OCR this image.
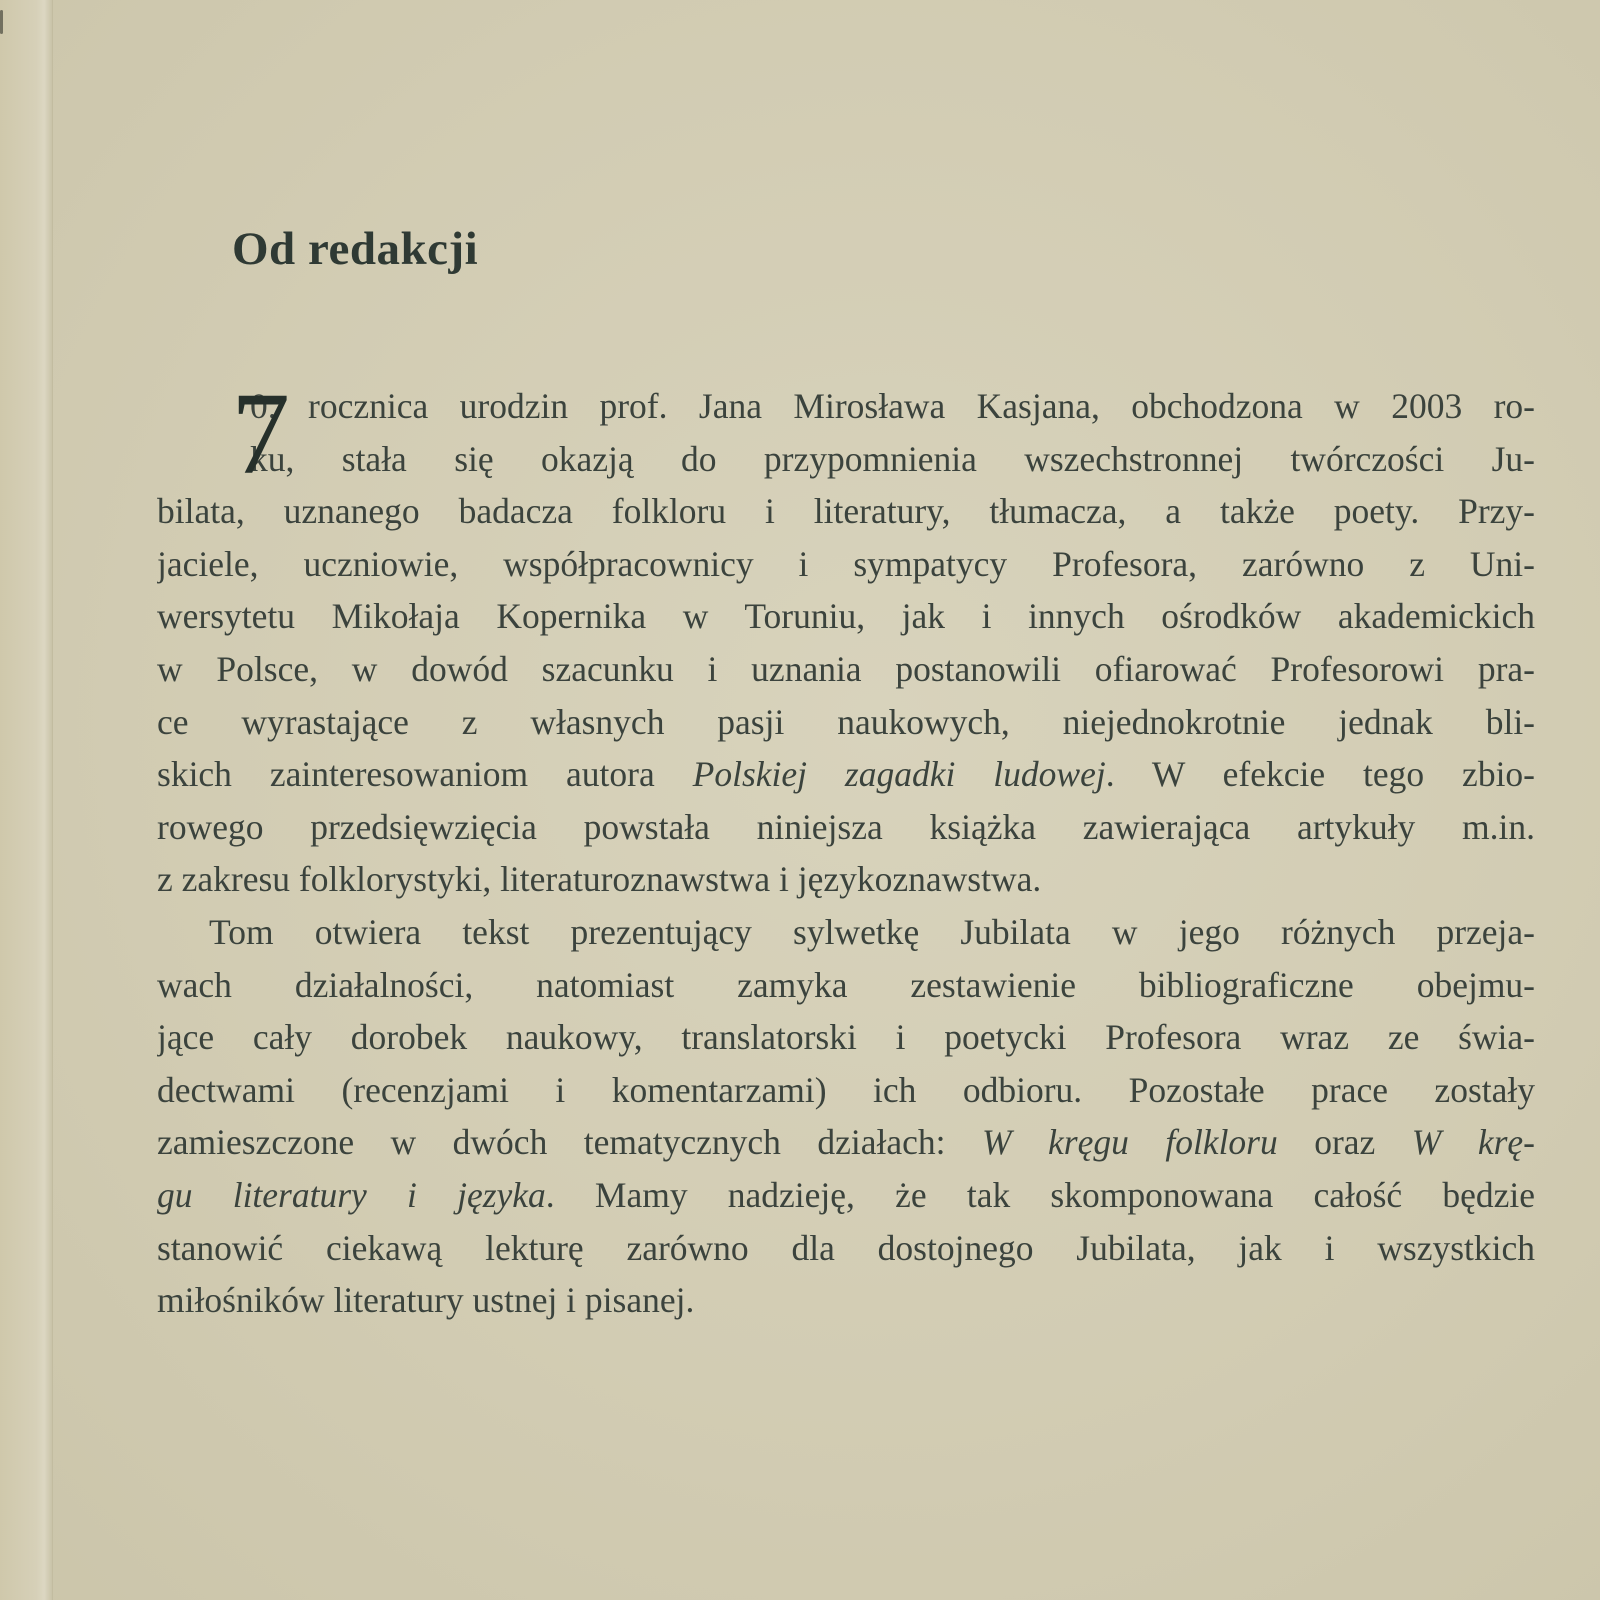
Od redakcji
7

0. rocznica urodzin prof. Jana Mirosława Kasjana, obchodzona w 2003 ro-
ku, stała się okazją do przypomnienia wszechstronnej twórczości Ju-
bilata, uznanego badacza folkloru i literatury, tłumacza, a także poety. Przy-
jaciele, uczniowie, współpracownicy i sympatycy Profesora, zarówno z Uni-
wersytetu Mikołaja Kopernika w Toruniu, jak i innych ośrodków akademickich
w Polsce, w dowód szacunku i uznania postanowili ofiarować Profesorowi pra-
ce wyrastające z własnych pasji naukowych, niejednokrotnie jednak bli-
skich zainteresowaniom autora Polskiej zagadki ludowej. W efekcie tego zbio-
rowego przedsięwzięcia powstała niniejsza książka zawierająca artykuły m.in.
z zakresu folklorystyki, literaturoznawstwa i językoznawstwa.

Tom otwiera tekst prezentujący sylwetkę Jubilata w jego różnych przeja-
wach działalności, natomiast zamyka zestawienie bibliograficzne obejmu-
jące cały dorobek naukowy, translatorski i poetycki Profesora wraz ze świa-
dectwami (recenzjami i komentarzami) ich odbioru. Pozostałe prace zostały
zamieszczone w dwóch tematycznych działach: W kręgu folkloru oraz W krę-
gu literatury i języka. Mamy nadzieję, że tak skomponowana całość będzie
stanowić ciekawą lekturę zarówno dla dostojnego Jubilata, jak i wszystkich
miłośników literatury ustnej i pisanej.
